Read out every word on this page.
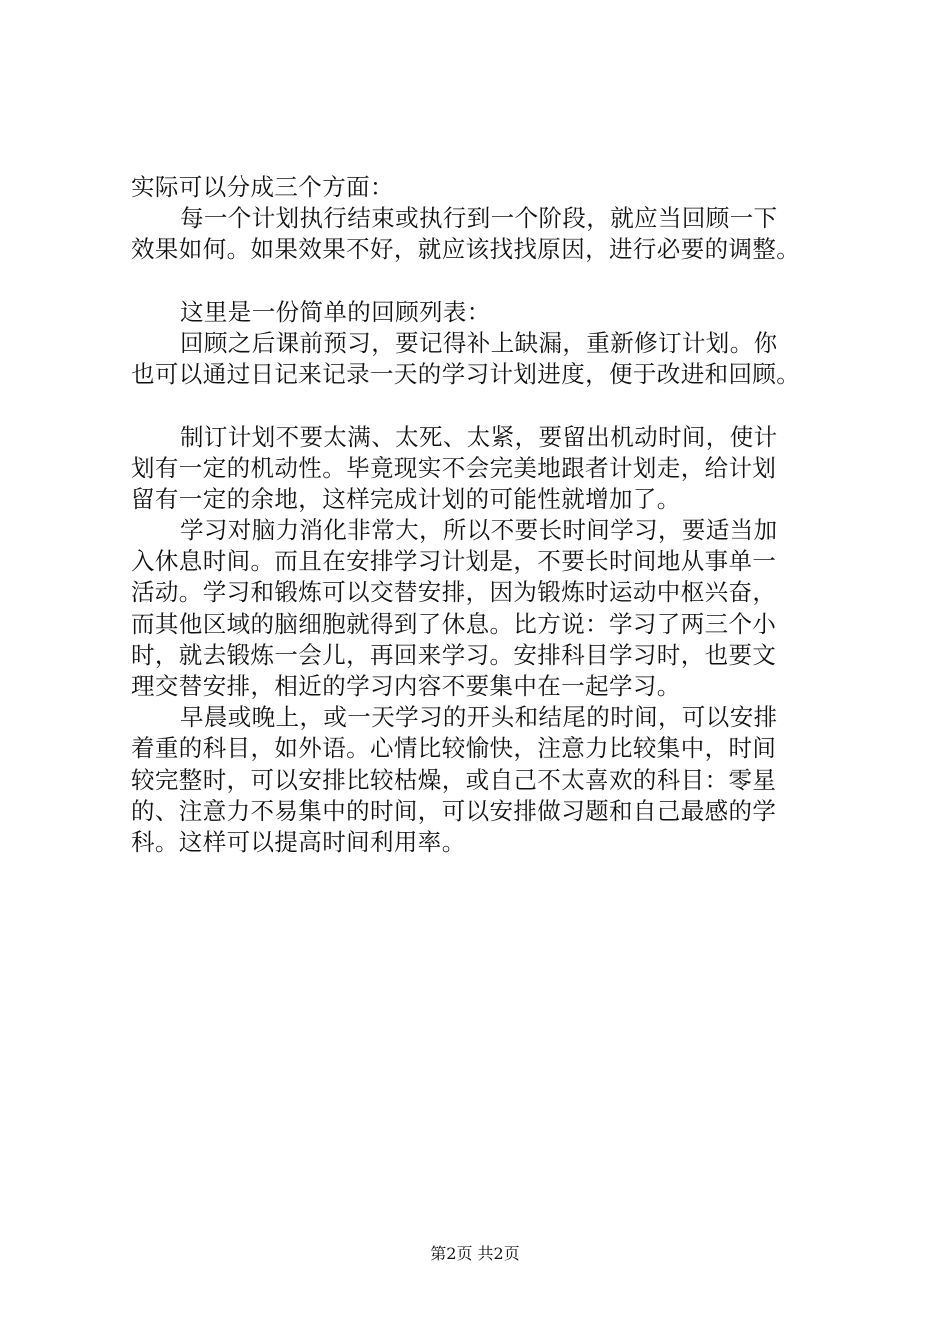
实际可以分成三个方面：
每一个计划执行结束或执行到一个阶段，就应当回顾一下
效果如何。如果效果不好，就应该找找原因，进行必要的调整。
这里是一份简单的回顾列表：
回顾之后课前预习，要记得补上缺漏，重新修订计划。你
也可以通过日记来记录一天的学习计划进度，便于改进和回顾。
制订计划不要太满、太死、太紧，要留出机动时间，使计
划有一定的机动性。毕竟现实不会完美地跟者计划走，给计划
留有一定的余地，这样完成计划的可能性就增加了。
学习对脑力消化非常大，所以不要长时间学习，要适当加
入休息时间。而且在安排学习计划是，不要长时间地从事单一
活动。学习和锻炼可以交替安排，因为锻炼时运动中枢兴奋，
而其他区域的脑细胞就得到了休息。比方说：学习了两三个小
时，就去锻炼一会儿，再回来学习。安排科目学习时，也要文
理交替安排，相近的学习内容不要集中在一起学习。
早晨或晚上，或一天学习的开头和结尾的时间，可以安排
着重的科目，如外语。心情比较愉快，注意力比较集中，时间
较完整时，可以安排比较枯燥，或自己不太喜欢的科目：零星
的、注意力不易集中的时间，可以安排做习题和自己最感的学
科。这样可以提高时间利用率。
第2页 共2页
